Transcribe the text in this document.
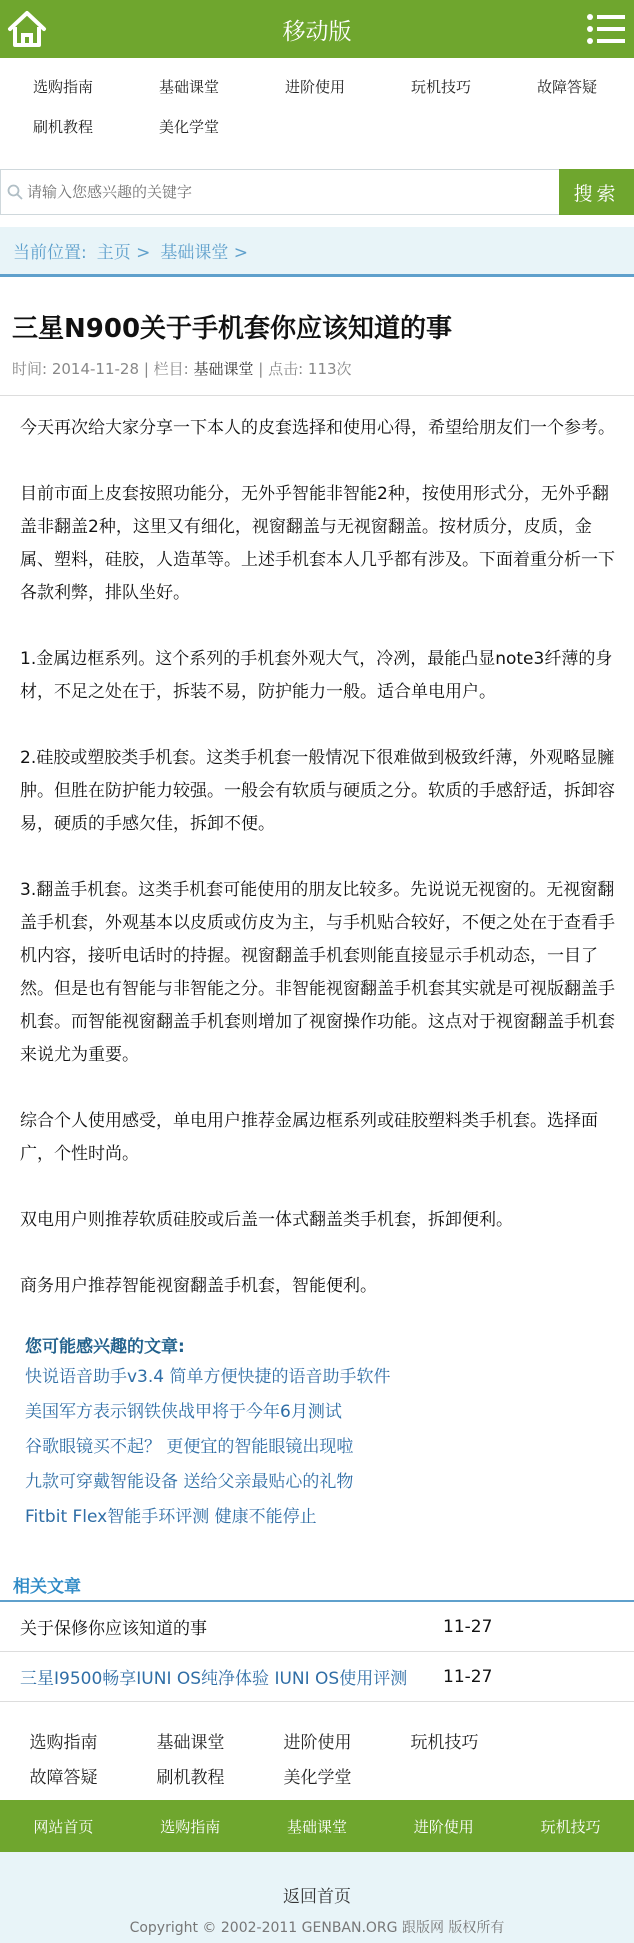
移动版
选购指南	基础课堂	进阶使用	玩机技巧	故障答疑
刷机教程	美化学堂
请输入您感兴趣的关键字
搜索
当前位置: 主页 > 基础课堂 >
三星N900关于手机套你应该知道的事
时间: 2014-11-28 | 栏目: 基础课堂 | 点击: 113次

今天再次给大家分享一下本人的皮套选择和使用心得，希望给朋友们一个参考。

目前市面上皮套按照功能分，无外乎智能非智能2种，按使用形式分，无外乎翻盖非翻盖2种，这里又有细化，视窗翻盖与无视窗翻盖。按材质分，皮质，金属、塑料，硅胶，人造革等。上述手机套本人几乎都有涉及。下面着重分析一下各款利弊，排队坐好。

1.金属边框系列。这个系列的手机套外观大气，冷冽，最能凸显note3纤薄的身材，不足之处在于，拆装不易，防护能力一般。适合单电用户。

2.硅胶或塑胶类手机套。这类手机套一般情况下很难做到极致纤薄，外观略显臃肿。但胜在防护能力较强。一般会有软质与硬质之分。软质的手感舒适，拆卸容易，硬质的手感欠佳，拆卸不便。

3.翻盖手机套。这类手机套可能使用的朋友比较多。先说说无视窗的。无视窗翻盖手机套，外观基本以皮质或仿皮为主，与手机贴合较好，不便之处在于查看手机内容，接听电话时的持握。视窗翻盖手机套则能直接显示手机动态，一目了然。但是也有智能与非智能之分。非智能视窗翻盖手机套其实就是可视版翻盖手机套。而智能视窗翻盖手机套则增加了视窗操作功能。这点对于视窗翻盖手机套来说尤为重要。

综合个人使用感受，单电用户推荐金属边框系列或硅胶塑料类手机套。选择面广，个性时尚。

双电用户则推荐软质硅胶或后盖一体式翻盖类手机套，拆卸便利。

商务用户推荐智能视窗翻盖手机套，智能便利。

您可能感兴趣的文章:
快说语音助手v3.4 简单方便快捷的语音助手软件
美国军方表示钢铁侠战甲将于今年6月测试
谷歌眼镜买不起？ 更便宜的智能眼镜出现啦
九款可穿戴智能设备 送给父亲最贴心的礼物
Fitbit Flex智能手环评测 健康不能停止
相关文章
关于保修你应该知道的事	11-27
三星I9500畅享IUNI OS纯净体验 IUNI OS使用评测	11-27
选购指南	基础课堂	进阶使用	玩机技巧
故障答疑	刷机教程	美化学堂
网站首页	选购指南	基础课堂	进阶使用	玩机技巧
返回首页
Copyright © 2002-2011 GENBAN.ORG 跟版网 版权所有
